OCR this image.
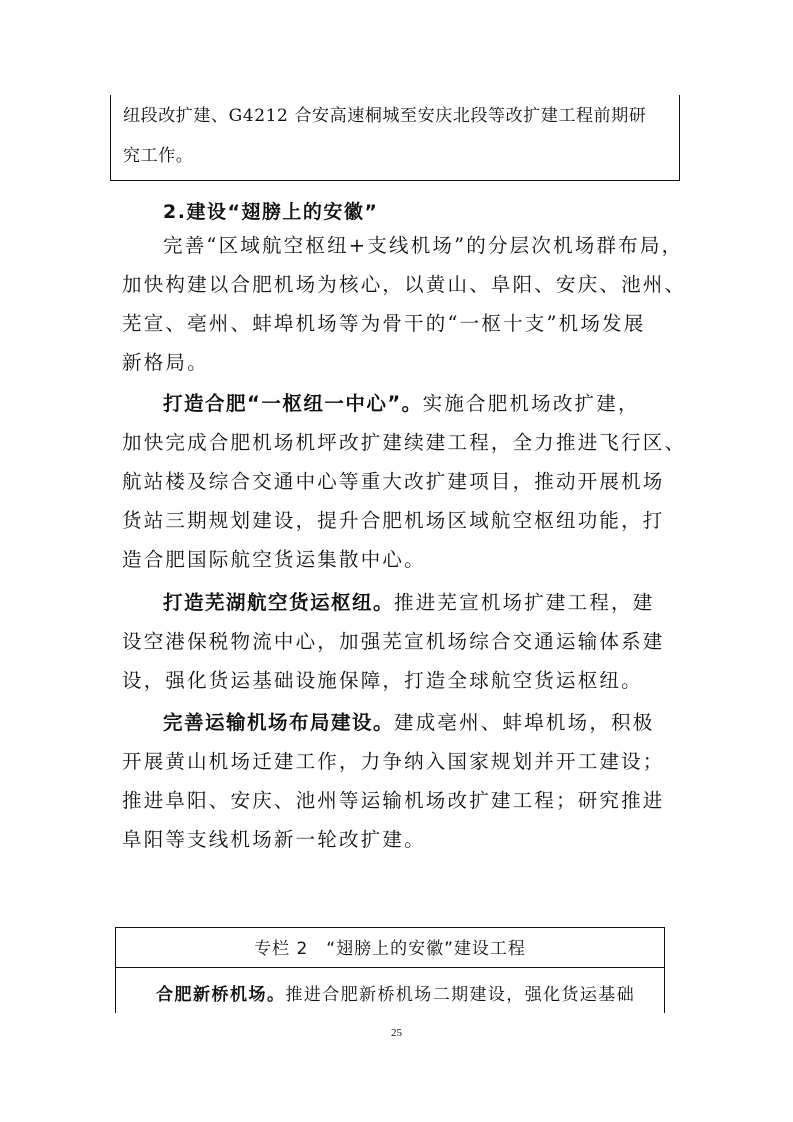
纽段改扩建、G4212 合安高速桐城至安庆北段等改扩建工程前期研
究工作。
2.建设“翅膀上的安徽”
完善“区域航空枢纽+支线机场”的分层次机场群布局，
加快构建以合肥机场为核心，以黄山、阜阳、安庆、池州、
芜宣、亳州、蚌埠机场等为骨干的“一枢十支”机场发展
新格局。
打造合肥“一枢纽一中心”。实施合肥机场改扩建，
加快完成合肥机场机坪改扩建续建工程，全力推进飞行区、
航站楼及综合交通中心等重大改扩建项目，推动开展机场
货站三期规划建设，提升合肥机场区域航空枢纽功能，打
造合肥国际航空货运集散中心。
打造芜湖航空货运枢纽。推进芜宣机场扩建工程，建
设空港保税物流中心，加强芜宣机场综合交通运输体系建
设，强化货运基础设施保障，打造全球航空货运枢纽。
完善运输机场布局建设。建成亳州、蚌埠机场，积极
开展黄山机场迁建工作，力争纳入国家规划并开工建设；
推进阜阳、安庆、池州等运输机场改扩建工程；研究推进
阜阳等支线机场新一轮改扩建。
专栏 2　“翅膀上的安徽”建设工程
合肥新桥机场。推进合肥新桥机场二期建设，强化货运基础
25
